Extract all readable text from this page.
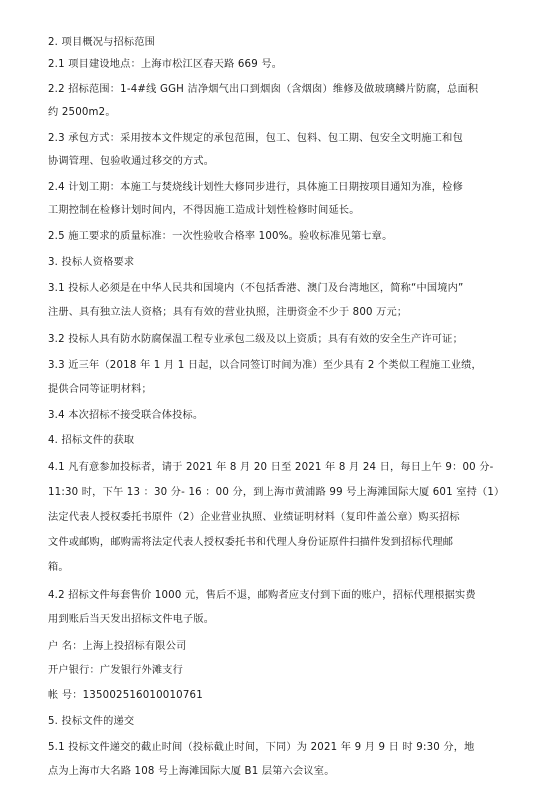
2. 项目概况与招标范围
2.1 项目建设地点：上海市松江区春天路 669 号。
2.2 招标范围：1-4#线 GGH 洁净烟气出口到烟囱（含烟囱）维修及做玻璃鳞片防腐，总面积
约 2500m2。
2.3 承包方式：采用按本文件规定的承包范围，包工、包料、包工期、包安全文明施工和包
协调管理、包验收通过移交的方式。
2.4 计划工期：本施工与焚烧线计划性大修同步进行，具体施工日期按项目通知为准，检修
工期控制在检修计划时间内，不得因施工造成计划性检修时间延长。
2.5 施工要求的质量标准：一次性验收合格率 100%。验收标准见第七章。
3. 投标人资格要求
3.1 投标人必须是在中华人民共和国境内（不包括香港、澳门及台湾地区，简称“中国境内”
注册、具有独立法人资格；具有有效的营业执照，注册资金不少于 800 万元；
3.2 投标人具有防水防腐保温工程专业承包二级及以上资质；具有有效的安全生产许可证；
3.3 近三年（2018 年 1 月 1 日起，以合同签订时间为准）至少具有 2 个类似工程施工业绩，
提供合同等证明材料；
3.4 本次招标不接受联合体投标。
4. 招标文件的获取
4.1 凡有意参加投标者，请于 2021 年 8 月 20 日至 2021 年 8 月 24 日，每日上午 9：00 分-
11:30 时，下午 13 ：30 分- 16 ：00 分，到上海市黄浦路 99 号上海滩国际大厦 601 室持（1）
法定代表人授权委托书原件（2）企业营业执照、业绩证明材料（复印件盖公章）购买招标
文件或邮购，邮购需将法定代表人授权委托书和代理人身份证原件扫描件发到招标代理邮
箱。
4.2 招标文件每套售价 1000 元，售后不退，邮购者应支付到下面的账户，招标代理根据实费
用到账后当天发出招标文件电子版。
户 名：上海上投招标有限公司
开户银行：广发银行外滩支行
帐 号：135002516010010761
5. 投标文件的递交
5.1 投标文件递交的截止时间（投标截止时间，下同）为 2021 年 9 月 9 日 时 9:30 分，地
点为上海市大名路 108 号上海滩国际大厦 B1 层第六会议室。
